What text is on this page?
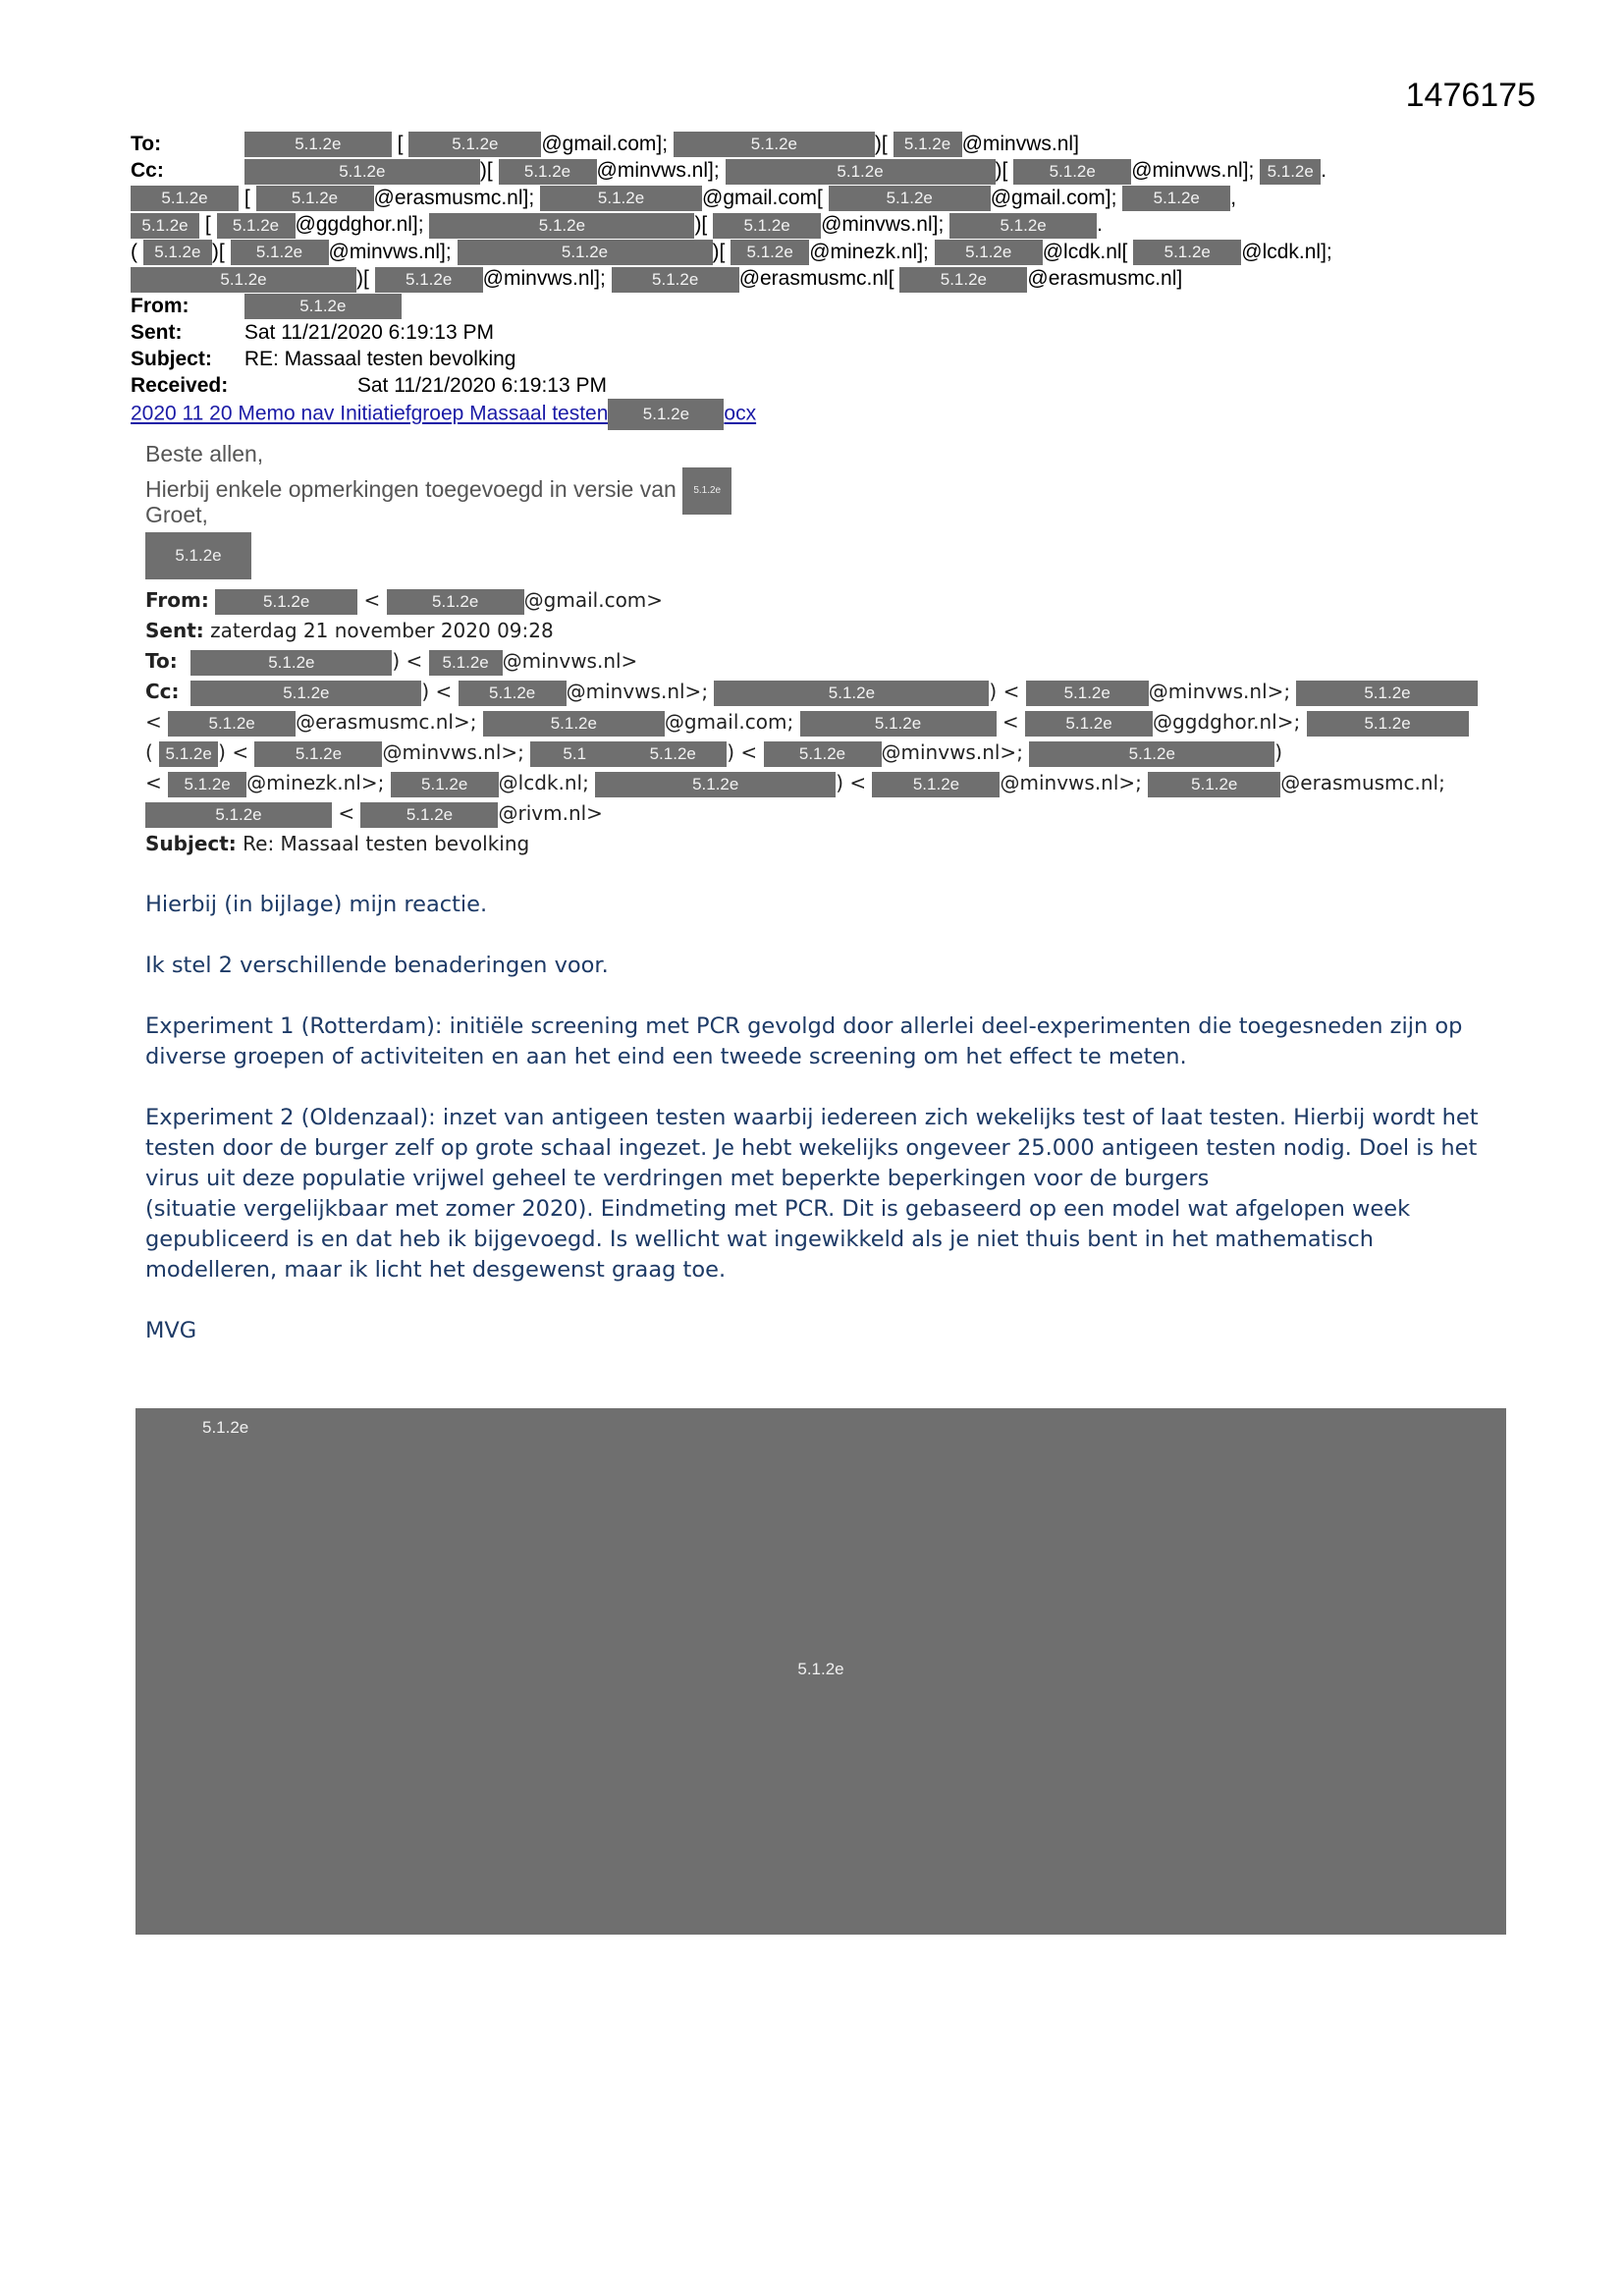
1476175
To:	5.1.2e [	5.1.2e @gmail.com];	5.1.2e	)[ 5.1.2e @minvws.nl]
Cc:	5.1.2e	)[ 5.1.2e @minvws.nl];	5.1.2e	)[ 5.1.2e @minvws.nl]; 5.1.2e .
5.1.2e [ 5.1.2e @erasmusmc.nl];	5.1.2e	@gmail.com[	5.1.2e	@gmail.com]; 5.1.2e ,
5.1.2e [ 5.1.2e @ggdghor.nl];	5.1.2e	)[ 5.1.2e @minvws.nl];	5.1.2e .
( 5.1.2e )[ 5.1.2e @minvws.nl];	5.1.2e	)[ 5.1.2e @minezk.nl]; 5.1.2e @lcdk.nl[ 5.1.2e @lcdk.nl];
5.1.2e	)[ 5.1.2e @minvws.nl];	5.1.2e @erasmusmc.nl[	5.1.2e @erasmusmc.nl]
From:	5.1.2e
Sent:	Sat 11/21/2020 6:19:13 PM
Subject: RE: Massaal testen bevolking
Received:	Sat 11/21/2020 6:19:13 PM
2020 11 20 Memo nav Initiatiefgroep Massaal testen 5.1.2e ocx
Beste allen,
Hierbij enkele opmerkingen toegevoegd in versie van 5.1.2e
Groet,
5.1.2e
From:	5.1.2e <	5.1.2e @gmail.com>
Sent: zaterdag 21 november 2020 09:28
To:	5.1.2e	) < 5.1.2e @minvws.nl>
Cc:	5.1.2e	) < 5.1.2e @minvws.nl>;	5.1.2e	) < 5.1.2e @minvws.nl>;	5.1.2e
< 5.1.2e @erasmusmc.nl>;	5.1.2e	@gmail.com;	5.1.2e	< 5.1.2e @ggdghor.nl>;	5.1.2e
( 5.1.2e ) < 5.1.2e @minvws.nl>; 5.1	5.1.2e ) < 5.1.2e @minvws.nl>;	5.1.2e	)
< 5.1.2e @minezk.nl>; 5.1.2e @lcdk.nl;	5.1.2e	) < 5.1.2e @minvws.nl>;	5.1.2e @erasmusmc.nl;
5.1.2e	<	5.1.2e @rivm.nl>
Subject: Re: Massaal testen bevolking

Hierbij (in bijlage) mijn reactie.

Ik stel 2 verschillende benaderingen voor.

Experiment 1 (Rotterdam): initiële screening met PCR gevolgd door allerlei deel-experimenten die toegesneden zijn op diverse groepen of activiteiten en aan het eind een tweede screening om het effect te meten.

Experiment 2 (Oldenzaal): inzet van antigeen testen waarbij iedereen zich wekelijks test of laat testen. Hierbij wordt het testen door de burger zelf op grote schaal ingezet. Je hebt wekelijks ongeveer 25.000 antigeen testen nodig. Doel is het virus uit deze populatie vrijwel geheel te verdringen met beperkte beperkingen voor de burgers
(situatie vergelijkbaar met zomer 2020). Eindmeting met PCR. Dit is gebaseerd op een model wat afgelopen week gepubliceerd is en dat heb ik bijgevoegd. Is wellicht wat ingewikkeld als je niet thuis bent in het mathematisch modelleren, maar ik licht het desgewenst graag toe.

MVG

5.1.2e
5.1.2e
